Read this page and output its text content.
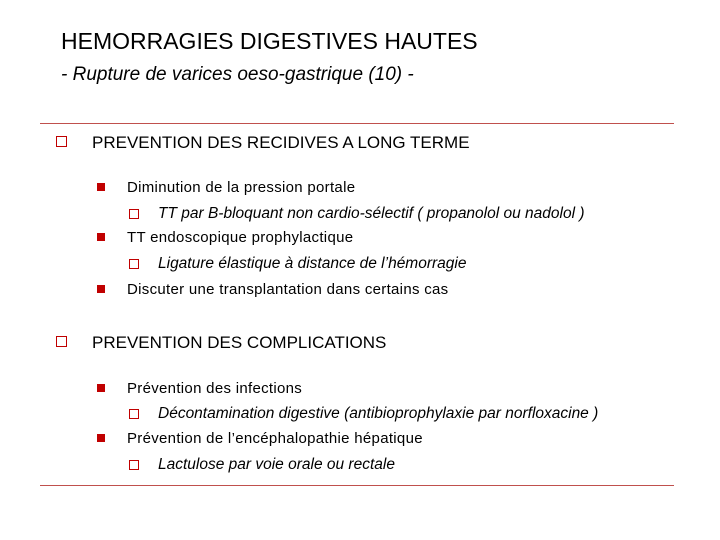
HEMORRAGIES DIGESTIVES HAUTES
- Rupture de varices oeso-gastrique (10) -
PREVENTION DES RECIDIVES A LONG TERME
Diminution de la pression portale
TT par B-bloquant non cardio-sélectif ( propanolol ou nadolol )
TT endoscopique prophylactique
Ligature élastique à distance de l’hémorragie
Discuter une transplantation dans certains cas
PREVENTION DES COMPLICATIONS
Prévention des infections
Décontamination digestive (antibioprophylaxie par norfloxacine )
Prévention de l’encéphalopathie hépatique
Lactulose par voie orale ou rectale
